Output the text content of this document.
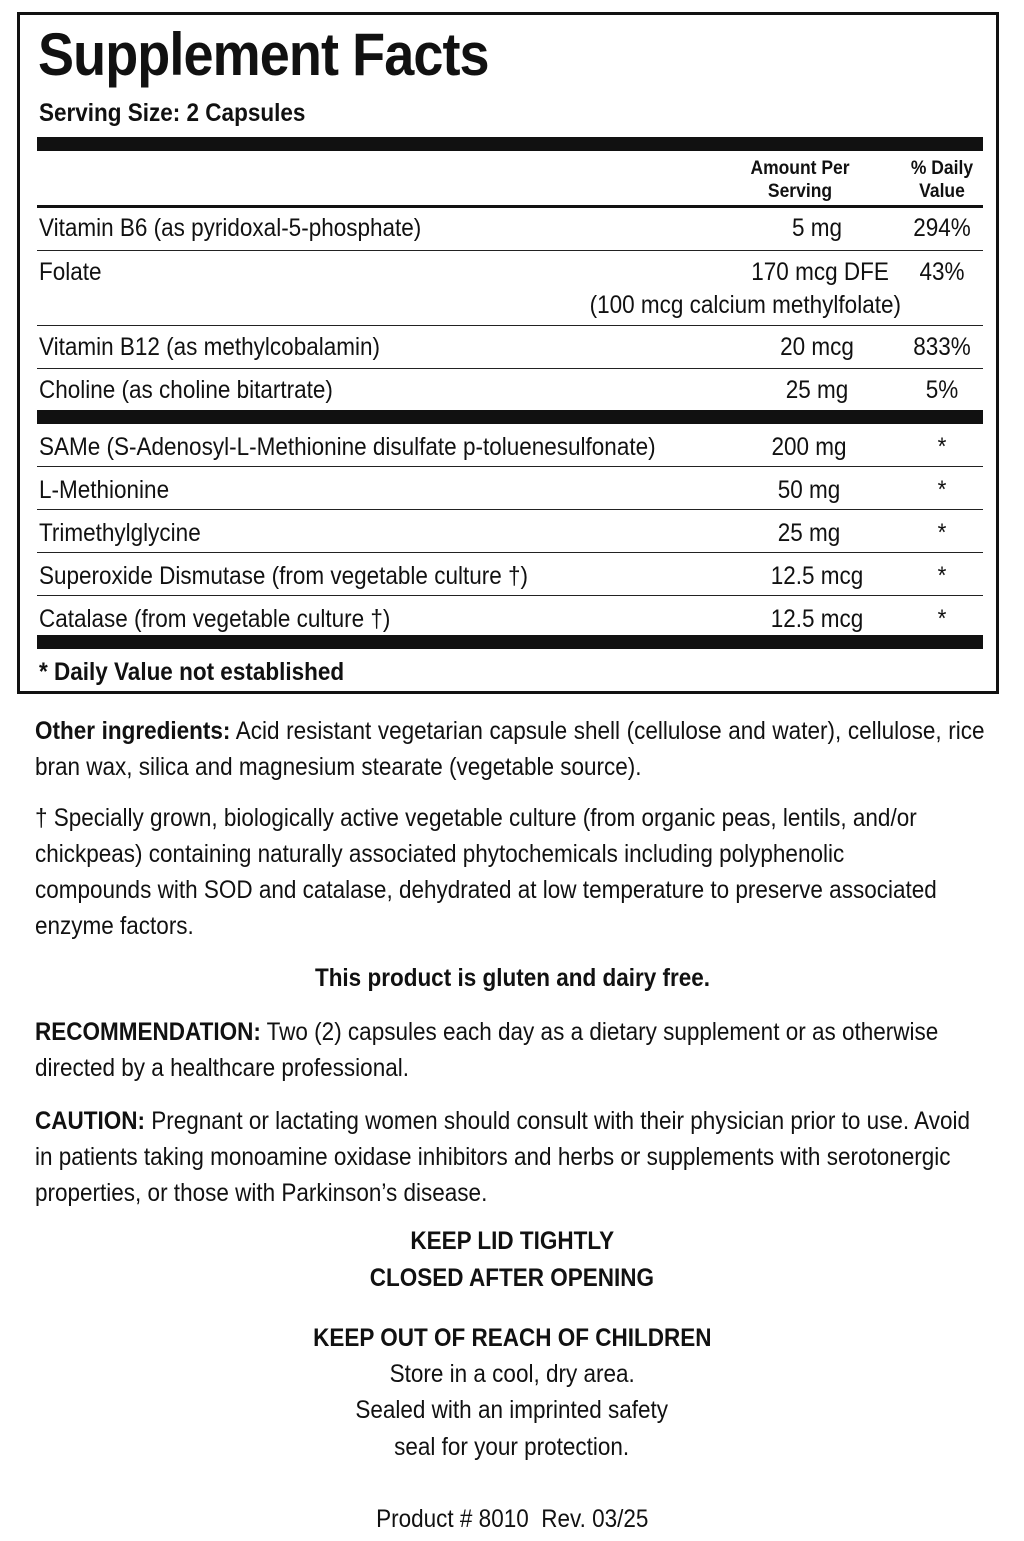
Supplement Facts
Serving Size: 2 Capsules
Amount Per
Serving
% Daily
Value
Vitamin B6 (as pyridoxal-5-phosphate)	5 mg	294%
Folate	170 mcg DFE	43%
(100 mcg calcium methylfolate)
Vitamin B12 (as methylcobalamin)	20 mcg	833%
Choline (as choline bitartrate)	25 mg	5%
SAMe (S-Adenosyl-L-Methionine disulfate p-toluenesulfonate)	200 mg	*
L-Methionine	50 mg	*
Trimethylglycine	25 mg	*
Superoxide Dismutase (from vegetable culture †)	12.5 mcg	*
Catalase (from vegetable culture †)	12.5 mcg	*
* Daily Value not established

Other ingredients: Acid resistant vegetarian capsule shell (cellulose and water), cellulose, rice bran wax, silica and magnesium stearate (vegetable source).

† Specially grown, biologically active vegetable culture (from organic peas, lentils, and/or chickpeas) containing naturally associated phytochemicals including polyphenolic compounds with SOD and catalase, dehydrated at low temperature to preserve associated enzyme factors.

This product is gluten and dairy free.

RECOMMENDATION: Two (2) capsules each day as a dietary supplement or as otherwise directed by a healthcare professional.

CAUTION: Pregnant or lactating women should consult with their physician prior to use. Avoid in patients taking monoamine oxidase inhibitors and herbs or supplements with serotonergic properties, or those with Parkinson’s disease.

KEEP LID TIGHTLY
CLOSED AFTER OPENING
KEEP OUT OF REACH OF CHILDREN
Store in a cool, dry area.
Sealed with an imprinted safety
seal for your protection.
Product # 8010  Rev. 03/25
